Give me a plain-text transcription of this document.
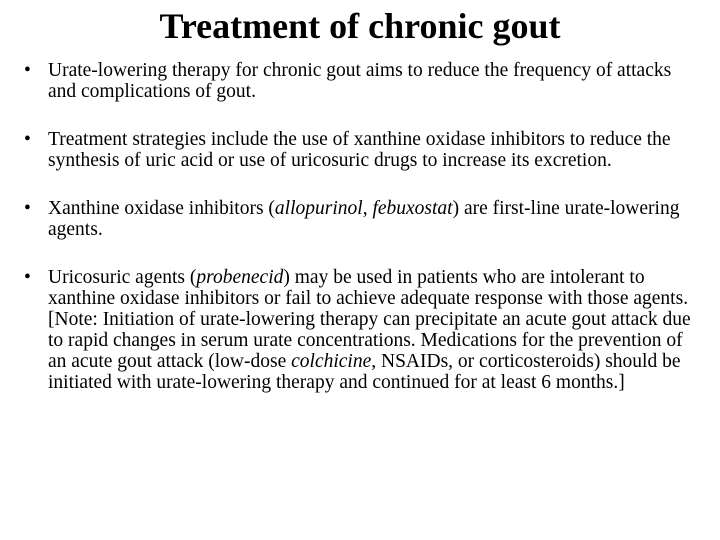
Treatment of chronic gout
• Urate-lowering therapy for chronic gout aims to reduce the frequency of attacks and complications of gout.
• Treatment strategies include the use of xanthine oxidase inhibitors to reduce the synthesis of uric acid or use of uricosuric drugs to increase its excretion.
• Xanthine oxidase inhibitors (allopurinol, febuxostat) are first-line urate-lowering agents.
• Uricosuric agents (probenecid) may be used in patients who are intolerant to xanthine oxidase inhibitors or fail to achieve adequate response with those agents. [Note: Initiation of urate-lowering therapy can precipitate an acute gout attack due to rapid changes in serum urate concentrations. Medications for the prevention of an acute gout attack (low-dose colchicine, NSAIDs, or corticosteroids) should be initiated with urate-lowering therapy and continued for at least 6 months.]
